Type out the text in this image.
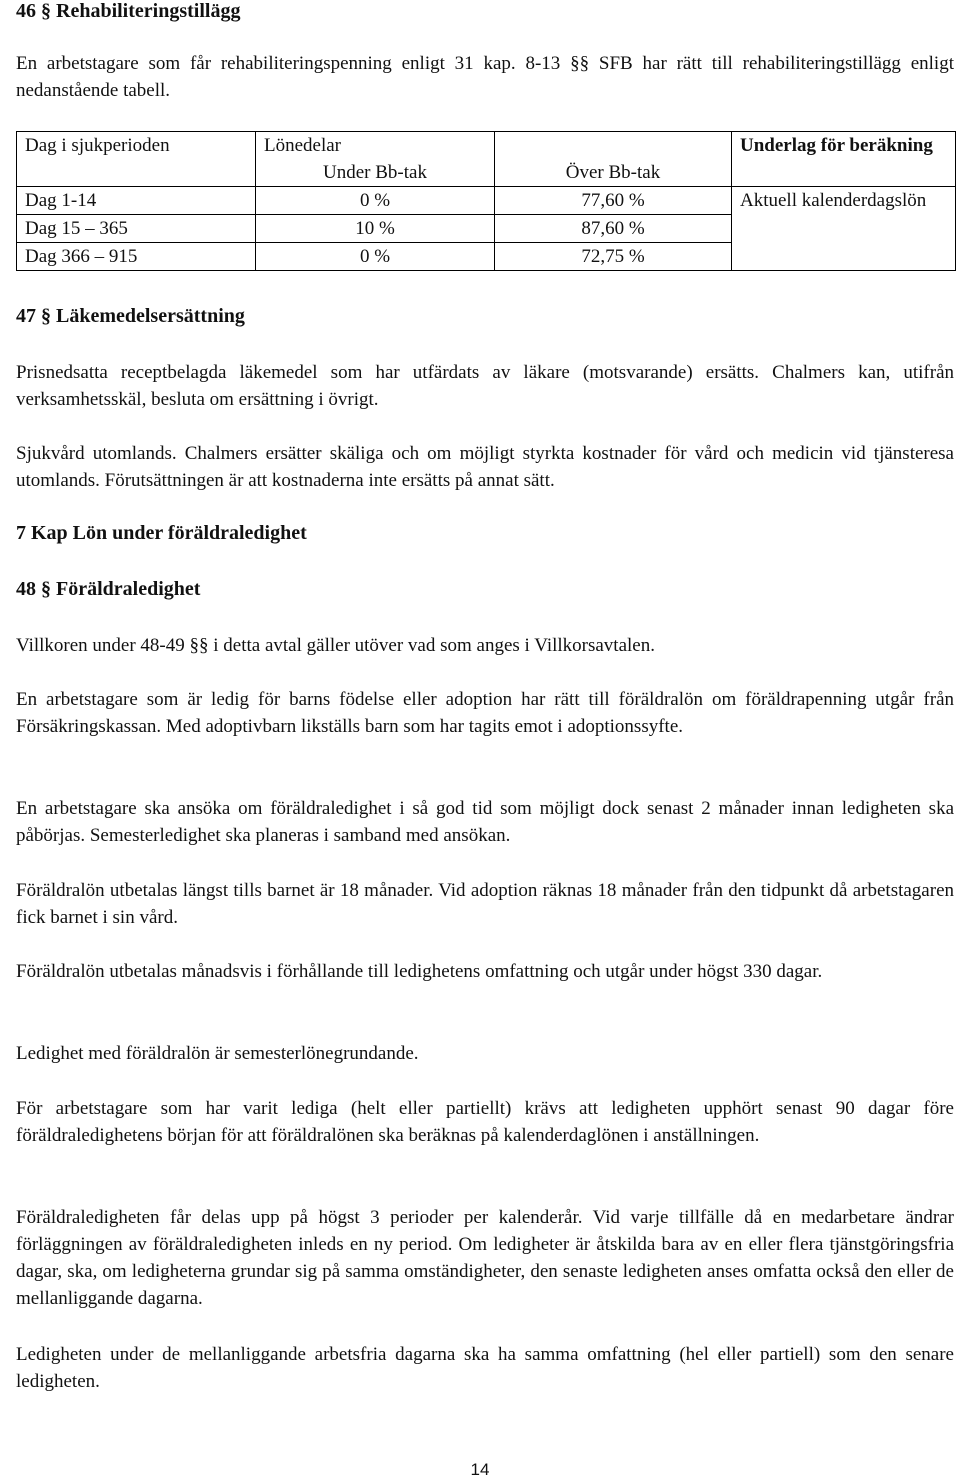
46 § Rehabiliteringstillägg

En arbetstagare som får rehabiliteringspenning enligt 31 kap. 8-13 §§ SFB har rätt till rehabiliteringstillägg enligt nedanstående tabell.

Dag i sjukperioden	Lönedelar		Underlag för beräkning
	Under Bb-tak	Över Bb-tak	
Dag 1-14	0 %	77,60 %	Aktuell kalenderdagslön
Dag 15 – 365	10 %	87,60 %	
Dag 366 – 915	0 %	72,75 %	
47 § Läkemedelsersättning

Prisnedsatta receptbelagda läkemedel som har utfärdats av läkare (motsvarande) ersätts. Chalmers kan, utifrån verksamhetsskäl, besluta om ersättning i övrigt.

Sjukvård utomlands. Chalmers ersätter skäliga och om möjligt styrkta kostnader för vård och medicin vid tjänsteresa utomlands. Förutsättningen är att kostnaderna inte ersätts på annat sätt.

7 Kap Lön under föräldraledighet
48 § Föräldraledighet

Villkoren under 48-49 §§ i detta avtal gäller utöver vad som anges i Villkorsavtalen.

En arbetstagare som är ledig för barns födelse eller adoption har rätt till föräldralön om föräldrapenning utgår från Försäkringskassan. Med adoptivbarn likställs barn som har tagits emot i adoptionssyfte.

En arbetstagare ska ansöka om föräldraledighet i så god tid som möjligt dock senast 2 månader innan ledigheten ska påbörjas. Semesterledighet ska planeras i samband med ansökan.

Föräldralön utbetalas längst tills barnet är 18 månader. Vid adoption räknas 18 månader från den tidpunkt då arbetstagaren fick barnet i sin vård.

Föräldralön utbetalas månadsvis i förhållande till ledighetens omfattning och utgår under högst 330 dagar.

Ledighet med föräldralön är semesterlönegrundande.

För arbetstagare som har varit lediga (helt eller partiellt) krävs att ledigheten upphört senast 90 dagar före föräldraledighetens början för att föräldralönen ska beräknas på kalenderdaglönen i anställningen.

Föräldraledigheten får delas upp på högst 3 perioder per kalenderår. Vid varje tillfälle då en medarbetare ändrar förläggningen av föräldraledigheten inleds en ny period. Om ledigheter är åtskilda bara av en eller flera tjänstgöringsfria dagar, ska, om ledigheterna grundar sig på samma omständigheter, den senaste ledigheten anses omfatta också den eller de mellanliggande dagarna.

Ledigheten under de mellanliggande arbetsfria dagarna ska ha samma omfattning (hel eller partiell) som den senare ledigheten.

14
